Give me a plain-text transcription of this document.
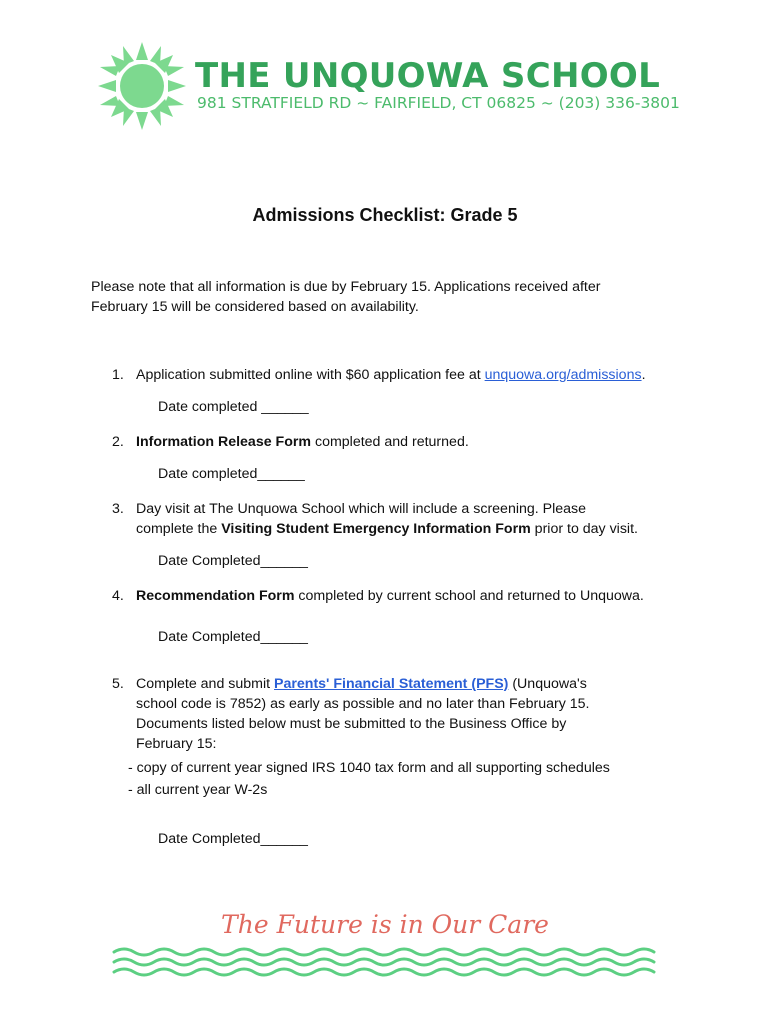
THE UNQUOWA SCHOOL
981 STRATFIELD RD ~ FAIRFIELD, CT 06825 ~ (203) 336-3801
Admissions Checklist: Grade 5
Please note that all information is due by February 15. Applications received after
February 15 will be considered based on availability.
1. Application submitted online with $60 application fee at unquowa.org/admissions.
Date completed ______
2. Information Release Form completed and returned.
Date completed______
3. Day visit at The Unquowa School which will include a screening. Please
complete the Visiting Student Emergency Information Form prior to day visit.
Date Completed______
4. Recommendation Form completed by current school and returned to Unquowa.
Date Completed______
5. Complete and submit Parents' Financial Statement (PFS) (Unquowa's
school code is 7852) as early as possible and no later than February 15.
Documents listed below must be submitted to the Business Office by
February 15:
- copy of current year signed IRS 1040 tax form and all supporting schedules
- all current year W-2s
Date Completed______
The Future is in Our Care
